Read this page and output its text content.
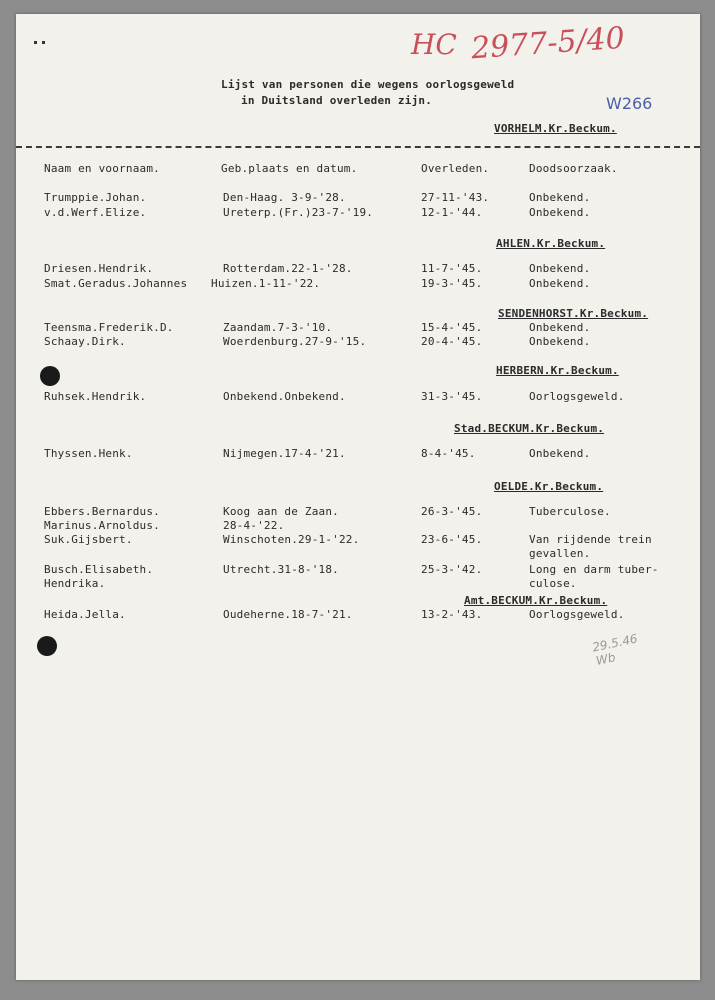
HC 2977-5/40
W266
Lijst van personen die wegens oorlogsgeweld
in Duitsland overleden zijn.
VORHELM.Kr.Beckum.
Naam en voornaam.	Geb.plaats en datum.	Overleden.	Doodsoorzaak.
Trumppie.Johan.	Den-Haag. 3-9-'28.	27-11-'43.	Onbekend.
v.d.Werf.Elize.	Ureterp.(Fr.)23-7-'19.	12-1-'44.	Onbekend.
AHLEN.Kr.Beckum.
Driesen.Hendrik.	Rotterdam.22-1-'28.	11-7-'45.	Onbekend.
Smat.Geradus.Johannes Huizen.1-11-'22.	19-3-'45.	Onbekend.
SENDENHORST.Kr.Beckum.
Teensma.Frederik.D.	Zaandam.7-3-'10.	15-4-'45.	Onbekend.
Schaay.Dirk.	Woerdenburg.27-9-'15.	20-4-'45.	Onbekend.
HERBERN.Kr.Beckum.
Ruhsek.Hendrik.	Onbekend.Onbekend.	31-3-'45.	Oorlogsgeweld.
Stad.BECKUM.Kr.Beckum.
Thyssen.Henk.	Nijmegen.17-4-'21.	8-4-'45.	Onbekend.
OELDE.Kr.Beckum.
Ebbers.Bernardus.	Koog aan de Zaan.	26-3-'45.	Tuberculose.
Marinus.Arnoldus.	28-4-'22.
Suk.Gijsbert.	Winschoten.29-1-'22.	23-6-'45.	Van rijdende trein
gevallen.
Busch.Elisabeth.	Utrecht.31-8-'18.	25-3-'42.	Long en darm tuber-
culose.
Hendrika.
Amt.BECKUM.Kr.Beckum.
Heida.Jella.	Oudeherne.18-7-'21.	13-2-'43.	Oorlogsgeweld.
29.5.46
Wb
